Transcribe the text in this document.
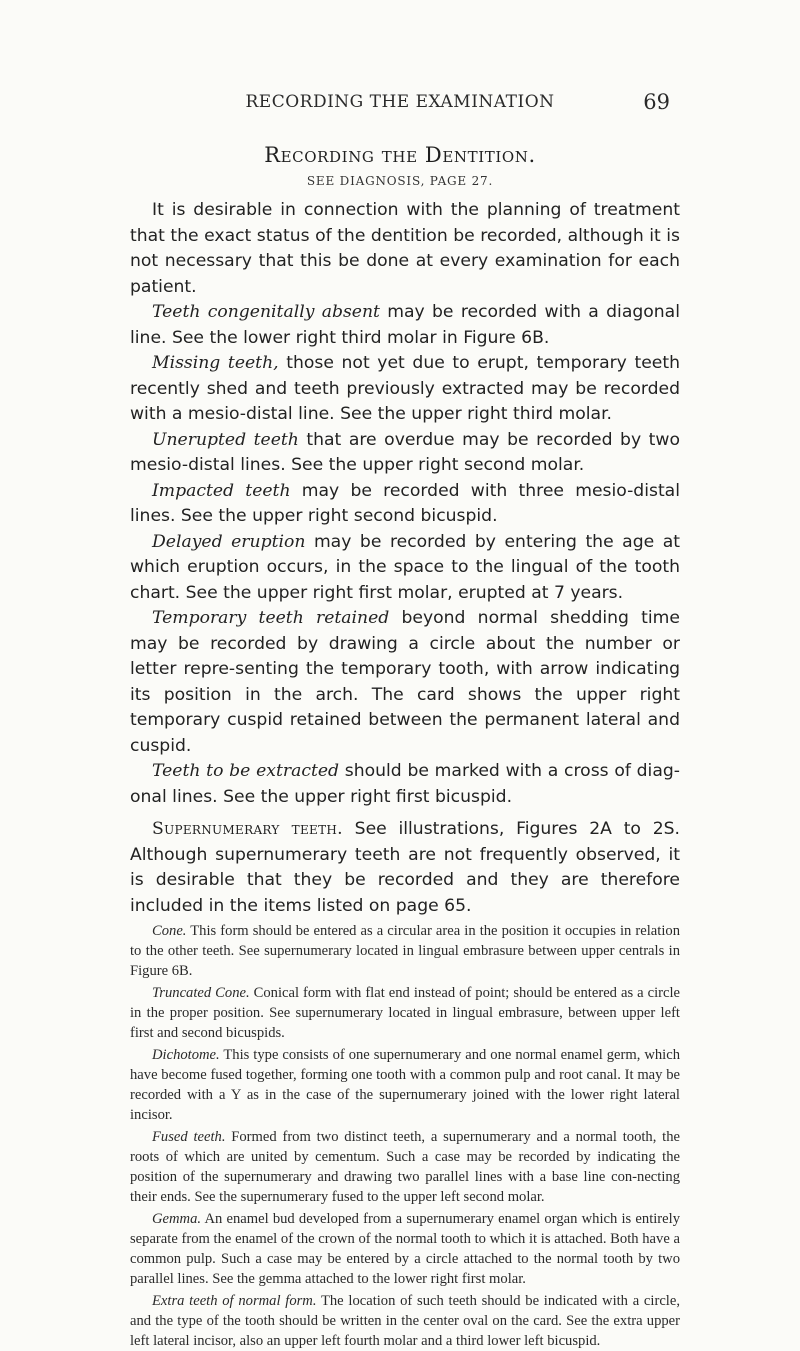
RECORDING THE EXAMINATION	69
Recording the Dentition.
SEE DIAGNOSIS, PAGE 27.

It is desirable in connection with the planning of treatment that the exact status of the dentition be recorded, although it is not necessary that this be done at every examination for each patient.

Teeth congenitally absent may be recorded with a diagonal line. See the lower right third molar in Figure 6B.

Missing teeth, those not yet due to erupt, temporary teeth recently shed and teeth previously extracted may be recorded with a mesio-distal line. See the upper right third molar.

Unerupted teeth that are overdue may be recorded by two mesio-distal lines. See the upper right second molar.

Impacted teeth may be recorded with three mesio-distal lines. See the upper right second bicuspid.

Delayed eruption may be recorded by entering the age at which eruption occurs, in the space to the lingual of the tooth chart. See the upper right first molar, erupted at 7 years.

Temporary teeth retained beyond normal shedding time may be recorded by drawing a circle about the number or letter repre-senting the temporary tooth, with arrow indicating its position in the arch. The card shows the upper right temporary cuspid retained between the permanent lateral and cuspid.

Teeth to be extracted should be marked with a cross of diag-onal lines. See the upper right first bicuspid.

Supernumerary teeth. See illustrations, Figures 2A to 2S. Although supernumerary teeth are not frequently observed, it is desirable that they be recorded and they are therefore included in the items listed on page 65.

Cone. This form should be entered as a circular area in the position it occupies in relation to the other teeth. See supernumerary located in lingual embrasure between upper centrals in Figure 6B.

Truncated Cone. Conical form with flat end instead of point; should be entered as a circle in the proper position. See supernumerary located in lingual embrasure, between upper left first and second bicuspids.

Dichotome. This type consists of one supernumerary and one normal enamel germ, which have become fused together, forming one tooth with a common pulp and root canal. It may be recorded with a Y as in the case of the supernumerary joined with the lower right lateral incisor.

Fused teeth. Formed from two distinct teeth, a supernumerary and a normal tooth, the roots of which are united by cementum. Such a case may be recorded by indicating the position of the supernumerary and drawing two parallel lines with a base line con-necting their ends. See the supernumerary fused to the upper left second molar.

Gemma. An enamel bud developed from a supernumerary enamel organ which is entirely separate from the enamel of the crown of the normal tooth to which it is attached. Both have a common pulp. Such a case may be entered by a circle attached to the normal tooth by two parallel lines. See the gemma attached to the lower right first molar.

Extra teeth of normal form. The location of such teeth should be indicated with a circle, and the type of the tooth should be written in the center oval on the card. See the extra upper left lateral incisor, also an upper left fourth molar and a third lower left bicuspid.
